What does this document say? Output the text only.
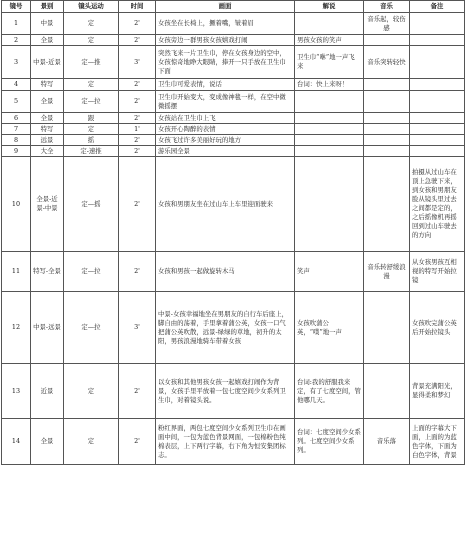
镜号	景别	镜头运动	时间	画面	解说	音乐	备注
1	中景	定	2'	女孩坐在长椅上，撅着嘴，皱着眉		音乐起，较伤感	
2	全景	定	2'	女孩旁边一群男孩女孩嬉戏打闹	男孩女孩的笑声		
3	中景-近景	定—推	3'	突然飞来一片卫生巾，停在女孩身边的空中，女孩惊奇地睁大眼睛，捧开一只手放在卫生巾下面	卫生巾“咻”地一声飞来	音乐突转轻快	
4	特写	定	2'	卫生巾可爱表情，说话	台词：快上来呀！		
5	全景	定—拉	2'	卫生巾开始变大，变成像神毯一样，在空中微微摇摆			
6	全景	跟	2'	女孩站在卫生巾上飞			
7	特写	定	1'	女孩开心陶醉的表情			
8	远景	摇	2'	女孩飞过许多美丽好玩的地方			
9	大全	定-速推	2'	游乐园全景			
10	全景-近景-中景	定—摇	2'	女孩和男朋友坐在过山车上车里迎面驶来			拍摄从过山车在顶上急驶下来，到女孩和男朋友脸从镜头里过去之间都是定的，之后摇像机再摇回到过山车驶去的方向
11	特写-全景	定—拉	2'	女孩和男孩一起做旋转木马	笑声	音乐转舒缓浪漫	从女孩男孩互相视的特写开始拉镜
12	中景-远景	定—拉	3'	中景-女孩幸福地坐在男朋友的自行车后座上，脚自由的荡着，手里拿着蒲公英，女孩一口气把蒲公英吹散，远景-绿绿的草地，初升的太阳，男孩浪漫地骑车带着女孩	女孩吹蒲公英，“噗”地一声		女孩吹完蒲公英后开始拉镜头
13	近景	定	2'	以女孩和其他男孩女孩一起嬉戏打闹作为背景，女孩手里平放着一包七度空间少女系列卫生巾，对着镜头说。	台词:我的舒服我来定，有了七度空间，管他哪几天。		背景充满阳光，显得柔和梦幻
14	全景	定	2'	粉红界面，两包七度空间少女系列卫生巾在画面中间，一包为蓝色背景网面，一包棉粉色纯棉表层，上下两行字幕，右下角为恒安集团标志。	台词：七度空间少女系列。七度空间少女系列。	音乐落	上面的字幕大下面，上面的为蓝色字体，下面为白色字体，背景
